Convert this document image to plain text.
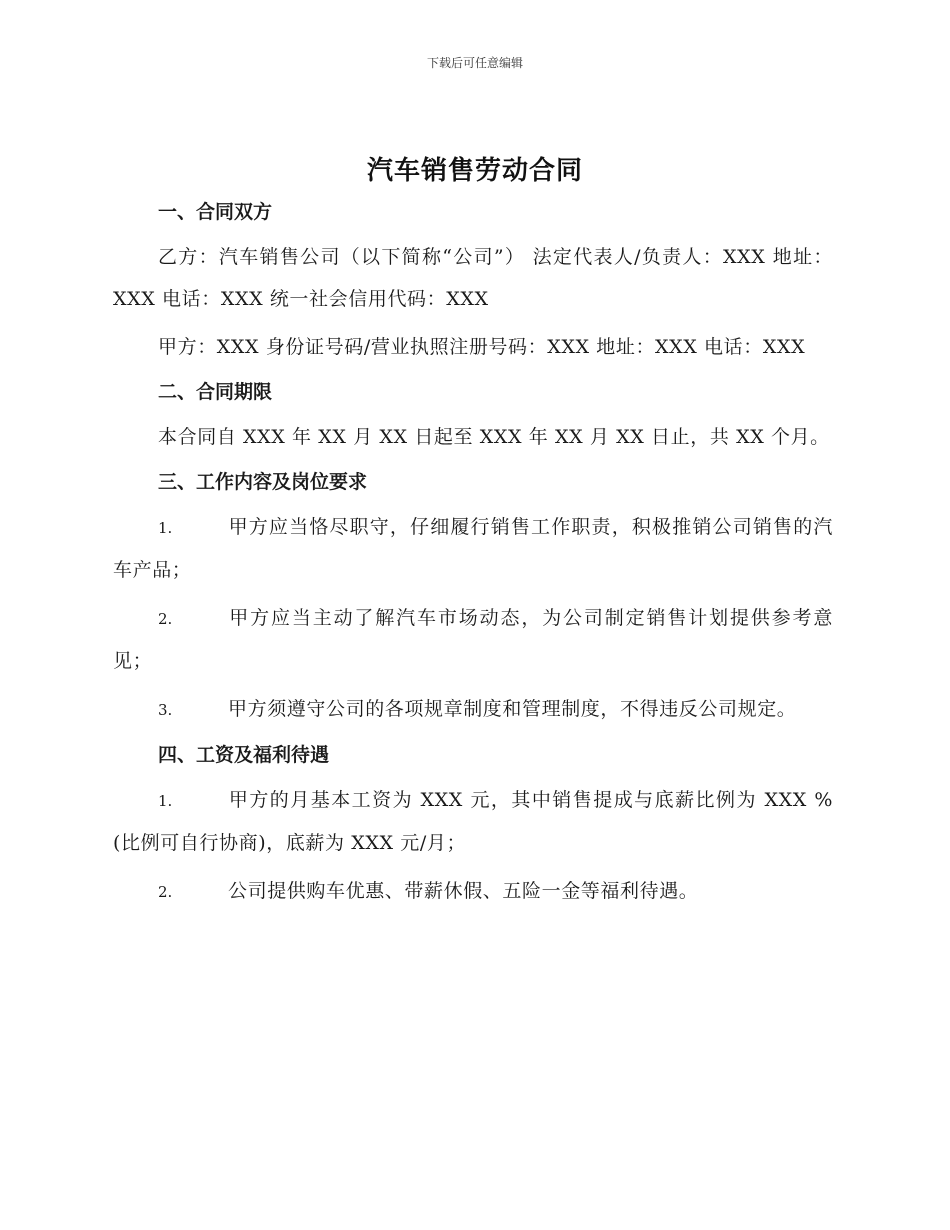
下载后可任意编辑
汽车销售劳动合同
一、合同双方
乙方：汽车销售公司（以下简称“公司”） 法定代表人/负责人：XXX 地址：XXX 电话：XXX 统一社会信用代码：XXX
甲方：XXX 身份证号码/营业执照注册号码：XXX 地址：XXX 电话：XXX
二、合同期限
本合同自 XXX 年 XX 月 XX 日起至 XXX 年 XX 月 XX 日止，共 XX 个月。
三、工作内容及岗位要求
1.	甲方应当恪尽职守，仔细履行销售工作职责，积极推销公司销售的汽车产品；
2.	甲方应当主动了解汽车市场动态，为公司制定销售计划提供参考意见；
3.	甲方须遵守公司的各项规章制度和管理制度，不得违反公司规定。
四、工资及福利待遇
1.	甲方的月基本工资为 XXX 元，其中销售提成与底薪比例为 XXX %(比例可自行协商)，底薪为 XXX 元/月；
2.	公司提供购车优惠、带薪休假、五险一金等福利待遇。
